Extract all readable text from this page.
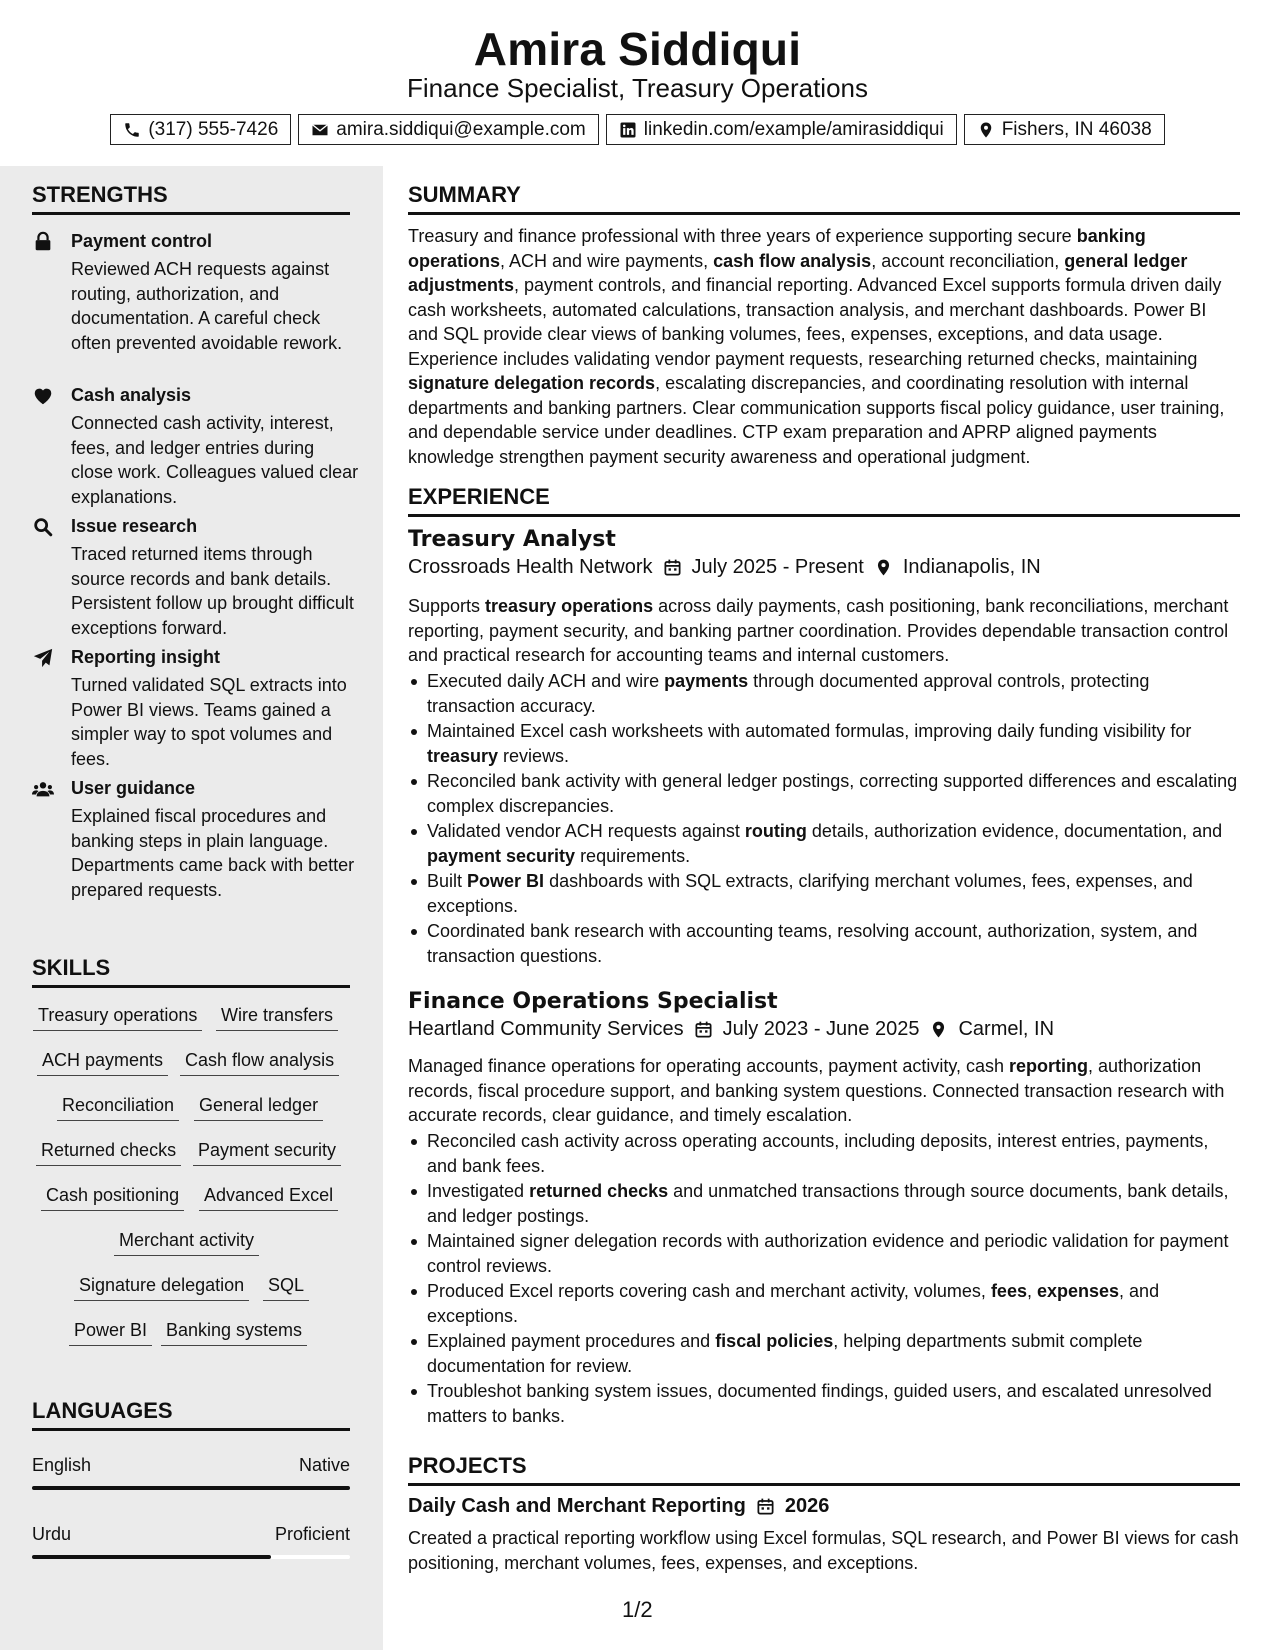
Amira Siddiqui
Finance Specialist, Treasury Operations
(317) 555-7426	amira.siddiqui@example.com	linkedin.com/example/amirasiddiqui	Fishers, IN 46038
STRENGTHS
Payment control
Reviewed ACH requests against routing, authorization, and documentation. A careful check often prevented avoidable rework.
Cash analysis
Connected cash activity, interest, fees, and ledger entries during close work. Colleagues valued clear explanations.
Issue research
Traced returned items through source records and bank details. Persistent follow up brought difficult exceptions forward.
Reporting insight
Turned validated SQL extracts into Power BI views. Teams gained a simpler way to spot volumes and fees.
User guidance
Explained fiscal procedures and banking steps in plain language. Departments came back with better prepared requests.
SKILLS
Treasury operations Wire transfers
ACH payments Cash flow analysis
Reconciliation General ledger
Returned checks Payment security
Cash positioning Advanced Excel
Merchant activity
Signature delegation SQL
Power BI Banking systems
LANGUAGES
English	Native
Urdu	Proficient
SUMMARY
Treasury and finance professional with three years of experience supporting secure banking operations, ACH and wire payments, cash flow analysis, account reconciliation, general ledger adjustments, payment controls, and financial reporting. Advanced Excel supports formula driven daily cash worksheets, automated calculations, transaction analysis, and merchant dashboards. Power BI and SQL provide clear views of banking volumes, fees, expenses, exceptions, and data usage. Experience includes validating vendor payment requests, researching returned checks, maintaining signature delegation records, escalating discrepancies, and coordinating resolution with internal departments and banking partners. Clear communication supports fiscal policy guidance, user training, and dependable service under deadlines. CTP exam preparation and APRP aligned payments knowledge strengthen payment security awareness and operational judgment.
EXPERIENCE
Treasury Analyst
Crossroads Health Network July 2025 - Present Indianapolis, IN
Supports treasury operations across daily payments, cash positioning, bank reconciliations, merchant reporting, payment security, and banking partner coordination. Provides dependable transaction control and practical research for accounting teams and internal customers.
Executed daily ACH and wire payments through documented approval controls, protecting transaction accuracy.
Maintained Excel cash worksheets with automated formulas, improving daily funding visibility for treasury reviews.
Reconciled bank activity with general ledger postings, correcting supported differences and escalating complex discrepancies.
Validated vendor ACH requests against routing details, authorization evidence, documentation, and payment security requirements.
Built Power BI dashboards with SQL extracts, clarifying merchant volumes, fees, expenses, and exceptions.
Coordinated bank research with accounting teams, resolving account, authorization, system, and transaction questions.
Finance Operations Specialist
Heartland Community Services July 2023 - June 2025 Carmel, IN
Managed finance operations for operating accounts, payment activity, cash reporting, authorization records, fiscal procedure support, and banking system questions. Connected transaction research with accurate records, clear guidance, and timely escalation.
Reconciled cash activity across operating accounts, including deposits, interest entries, payments, and bank fees.
Investigated returned checks and unmatched transactions through source documents, bank details, and ledger postings.
Maintained signer delegation records with authorization evidence and periodic validation for payment control reviews.
Produced Excel reports covering cash and merchant activity, volumes, fees, expenses, and exceptions.
Explained payment procedures and fiscal policies, helping departments submit complete documentation for review.
Troubleshot banking system issues, documented findings, guided users, and escalated unresolved matters to banks.
PROJECTS
Daily Cash and Merchant Reporting 2026
Created a practical reporting workflow using Excel formulas, SQL research, and Power BI views for cash positioning, merchant volumes, fees, expenses, and exceptions.
1/2
